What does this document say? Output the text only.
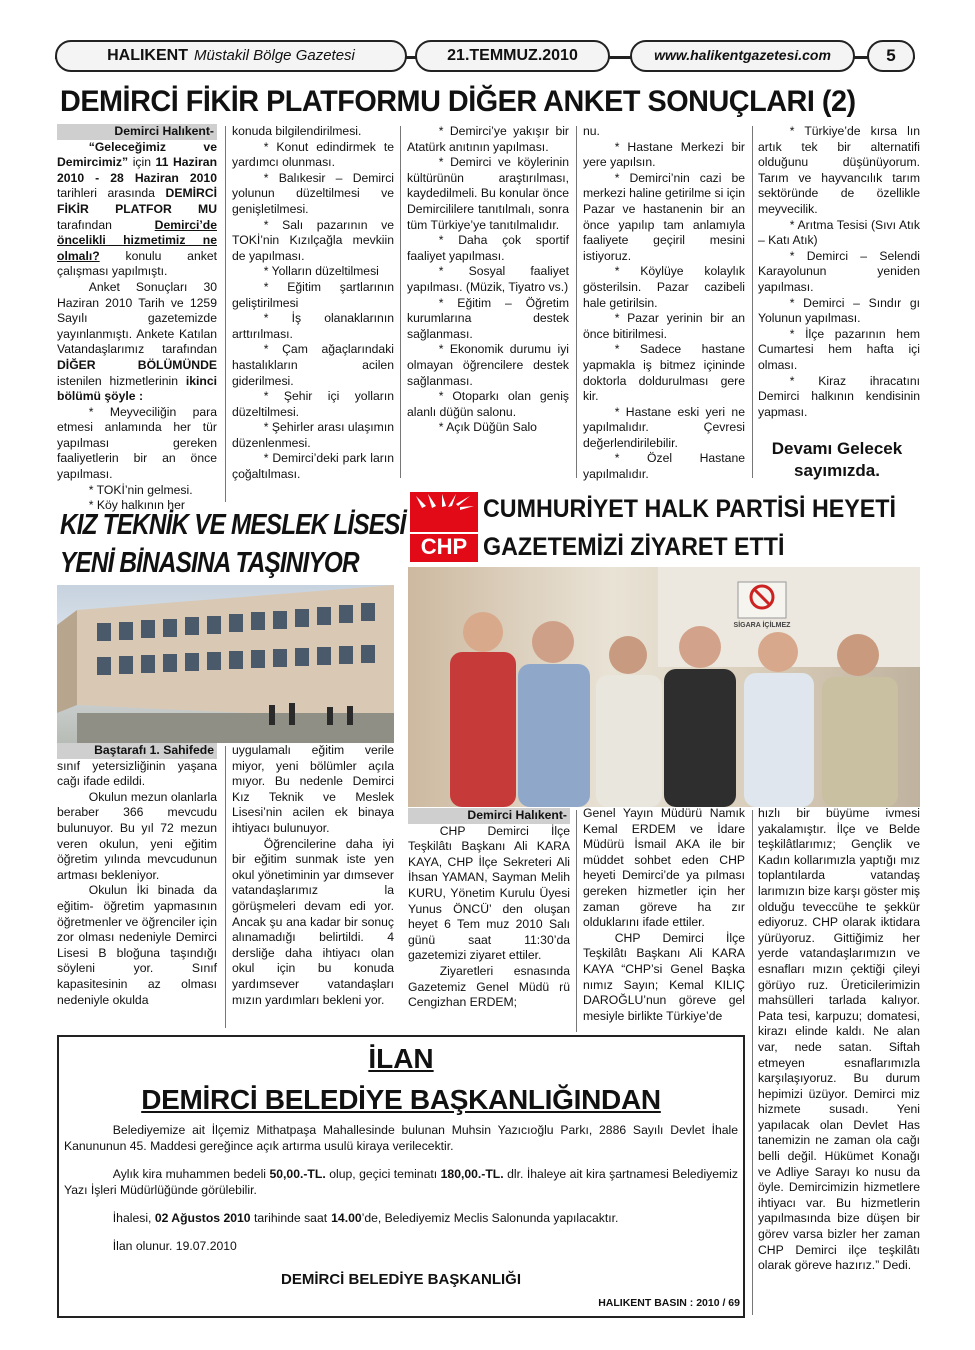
HALIKENT Müstakil Bölge Gazetesi	21.TEMMUZ.2010	www.halikentgazetesi.com	5
DEMİRCİ FİKİR PLATFORMU DİĞER ANKET SONUÇLARI (2)

Demirci Halıkent-

“Geleceğimiz ve Demircimiz” için 11 Haziran 2010 - 28 Haziran 2010 tarihleri arasında DEMİRCİ FİKİR PLATFOR MU tarafından	Demirci’de öncelikli hizmetimiz ne olmalı? konulu anket çalışması yapılmıştı.

Anket Sonuçları 30 Haziran 2010 Tarih ve 1259 Sayılı gazetemizde yayınlanmıştı. Ankete Katılan Vatandaşlarımız tarafından DİĞER BÖLÜMÜNDE istenilen hizmetlerinin ikinci bölümü şöyle :

* Meyveciliğin para etmesi anlamında her tür yapılması gereken faaliyetlerin bir an önce yapılması.

* TOKİ’nin gelmesi.

* Köy halkının her

konuda bilgilendirilmesi.

* Konut edindirmek te yardımcı olunması.

* Balıkesir – Demirci yolunun düzeltilmesi ve genişletilmesi.

* Salı pazarının ve TOKİ’nin Kızılçağla mevkiin de yapılması.

* Yolların düzeltilmesi

* Eğitim şartlarının geliştirilmesi

* İş olanaklarının arttırılması.

* Çam ağaçlarındaki hastalıkların acilen giderilmesi.

* Şehir içi yolların düzeltilmesi.

* Şehirler arası ulaşımın düzenlenmesi.

* Demirci’deki park ların çoğaltılması.

* Demirci’ye yakışır bir Atatürk anıtının yapılması.

* Demirci ve köylerinin kültürünün araştırılması, kaydedilmeli. Bu konular önce Demircililere tanıtılmalı, sonra tüm Türkiye’ye tanıtılmalıdır.

* Daha çok sportif faaliyet yapılması.

* Sosyal faaliyet yapılması. (Müzik, Tiyatro vs.)

* Eğitim – Öğretim kurumlarına destek sağlanması.

* Ekonomik durumu iyi olmayan öğrencilere destek sağlanması.

* Otoparkı olan geniş alanlı düğün salonu.

* Açık Düğün Salo

nu.

* Hastane Merkezi bir yere yapılsın.

* Demirci’nin cazi be merkezi haline getirilme si için Pazar ve hastanenin bir an önce yapılıp tam anlamıyla faaliyete geçiril mesini istiyoruz.

* Köylüye kolaylık gösterilsin. Pazar cazibeli hale getirilsin.

* Pazar yerinin bir an önce bitirilmesi.

* Sadece hastane yapmakla iş bitmez içininde doktorla doldurulması gere kir.

* Hastane eski yeri ne yapılmalıdır. Çevresi değerlendirilebilir.

* Özel Hastane yapılmalıdır.

* Türkiye’de kırsa lın artık tek bir alternatifi olduğunu düşünüyorum. Tarım ve hayvancılık tarım sektöründe de özellikle meyvecilik.

* Arıtma Tesisi (Sıvı Atık – Katı Atık)

* Demirci – Selendi Karayolunun yeniden yapılması.

* Demirci – Sındır gı Yolunun yapılması.

* İlçe pazarının hem Cumartesi hem hafta içi olması.

* Kiraz ihracatını Demirci halkının kendisinin yapması.

Devamı Gelecek sayımızda.
KIZ TEKNİK VE MESLEK LİSESİ
YENİ BİNASINA TAŞINIYOR

Baştarafı 1. Sahifede

sınıf yetersizliğinin yaşana cağı ifade edildi.

Okulun mezun olanlarla beraber 366 mevcudu bulunuyor. Bu yıl 72 mezun veren okulun, yeni eğitim öğretim yılında mevcudunun artması bekleniyor.

Okulun İki binada da eğitim- öğretim yapmasının öğretmenler ve öğrenciler için zor olması nedeniyle Demirci Lisesi B bloğuna taşındığı söyleni yor. Sınıf kapasitesinin az olması nedeniyle okulda

uygulamalı eğitim verile miyor, yeni bölümler açıla mıyor. Bu nedenle Demirci Kız Teknik ve Meslek Lisesi’nin acilen ek binaya ihtiyacı bulunuyor.

Öğrencilerine daha iyi bir eğitim sunmak iste yen okul yönetiminin yar dımsever vatandaşlarımız la görüşmeleri devam edi yor. Ancak şu ana kadar bir sonuç alınamadığı belirtildi. 4 dersliğe daha ihtiyacı olan okul için bu konuda yardımsever vatandaşları mızın yardımları bekleni yor.

CHP
CUMHURİYET HALK PARTİSİ HEYETİ
GAZETEMİZİ ZİYARET ETTİ
SİGARA İÇİLMEZ

Demirci Halıkent-

CHP Demirci İlçe Teşkilâtı Başkanı Ali KARA KAYA, CHP İlçe Sekreteri Ali İhsan YAMAN, Sayman Melih KURU, Yönetim Kurulu Üyesi Yunus ÖNCÜ’ den oluşan heyet 6 Tem muz 2010 Salı günü saat 11:30’da gazetemizi ziyaret ettiler.

Ziyaretleri esnasında Gazetemiz Genel Müdü rü Cengizhan ERDEM;

Genel Yayın Müdürü Namık Kemal ERDEM ve İdare Müdürü İsmail AKA ile bir müddet sohbet eden CHP heyeti Demirci’de ya pılması gereken hizmetler için her zaman göreve ha zır olduklarını ifade ettiler.

CHP Demirci İlçe Teşkilâtı Başkanı Ali KARA KAYA “CHP’si Genel Başka nımız Sayın; Kemal KILIÇ DAROĞLU’nun göreve gel mesiyle birlikte Türkiye’de

hızlı bir büyüme ivmesi yakalamıştır. İlçe ve Belde teşkilâtlarımız; Gençlik ve Kadın kollarımızla yaptığı mız toplantılarda vatandaş larımızın bize karşı göster miş olduğu teveccühe te şekkür ediyoruz. CHP olarak iktidara yürüyoruz. Gittiğimiz her yerde vatandaşlarımızın ve esnafları mızın çektiği çileyi görüyo ruz. Üreticilerimizin mahsülleri tarlada kalıyor. Pata tesi, karpuzu; domatesi, kirazı elinde kaldı. Ne alan var, nede satan. Siftah etmeyen esnaflarımızla karşılaşıyoruz. Bu durum hepimizi üzüyor. Demirci miz hizmete susadı. Yeni yapılacak olan Devlet Has tanemizin ne zaman ola cağı belli değil. Hükümet Konağı ve Adliye Sarayı ko nusu da öyle. Demircimizin hizmetlere ihtiyacı var. Bu hizmetlerin yapılmasında bize düşen bir görev varsa bizler her zaman CHP Demirci ilçe teşkilâtı olarak göreve hazırız.” Dedi.

İLAN
DEMİRCİ BELEDİYE BAŞKANLIĞINDAN

Belediyemize ait İlçemiz Mithatpaşa Mahallesinde bulunan Muhsin Yazıcıoğlu Parkı, 2886 Sayılı Devlet İhale Kanununun 45. Maddesi gereğince açık artırma usulü kiraya verilecektir.

Aylık kira muhammen bedeli 50,00.-TL. olup, geçici teminatı 180,00.-TL. dlr. İhaleye ait kira şartnamesi Belediyemiz Yazı İşleri Müdürlüğünde görülebilir.

İhalesi, 02 Ağustos 2010 tarihinde saat 14.00’de, Belediyemiz Meclis Salonunda yapılacaktır.

İlan olunur. 19.07.2010

DEMİRCİ BELEDİYE BAŞKANLIĞI
HALIKENT BASIN : 2010 / 69
